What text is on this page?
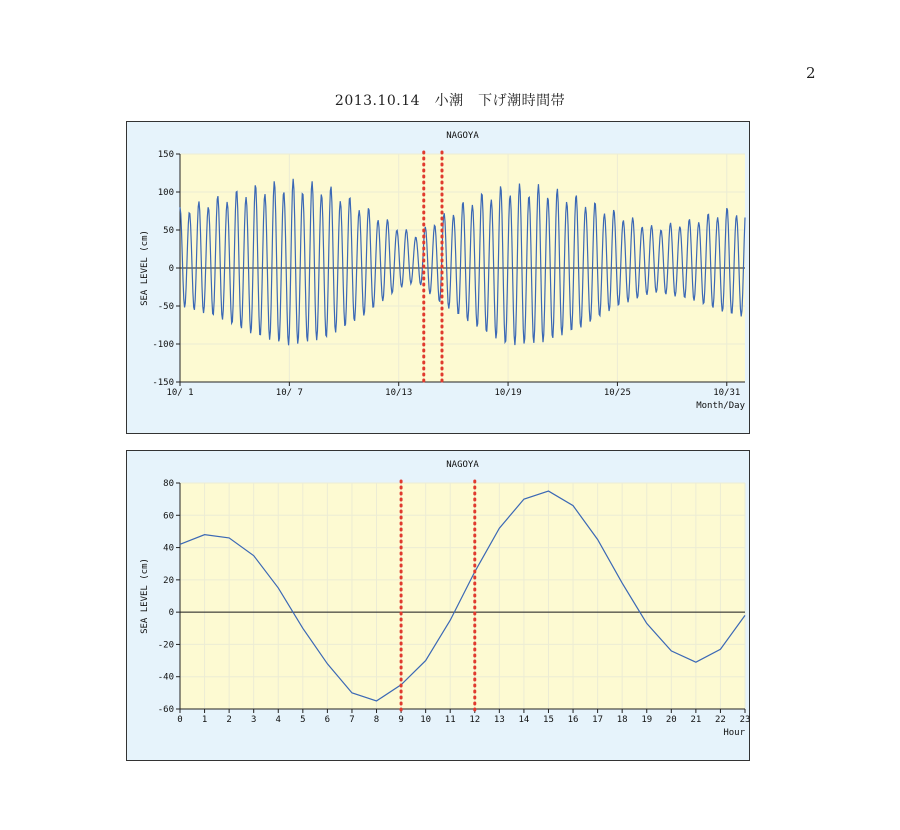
2
2013.10.14　小潮　下げ潮時間帯
NAGOYA
150
100
50
0
-50
-100
-150
10/ 1	10/ 7	10/13	10/19	10/25	10/31
SEA LEVEL (cm)
Month/Day
NAGOYA
80
60
40
20
0
-20
-40
-60
0 1 2 3 4 5 6 7 8 9 10 11 12 13 14 15 16 17 18 19 20 21 22 23
SEA LEVEL (cm)
Hour
